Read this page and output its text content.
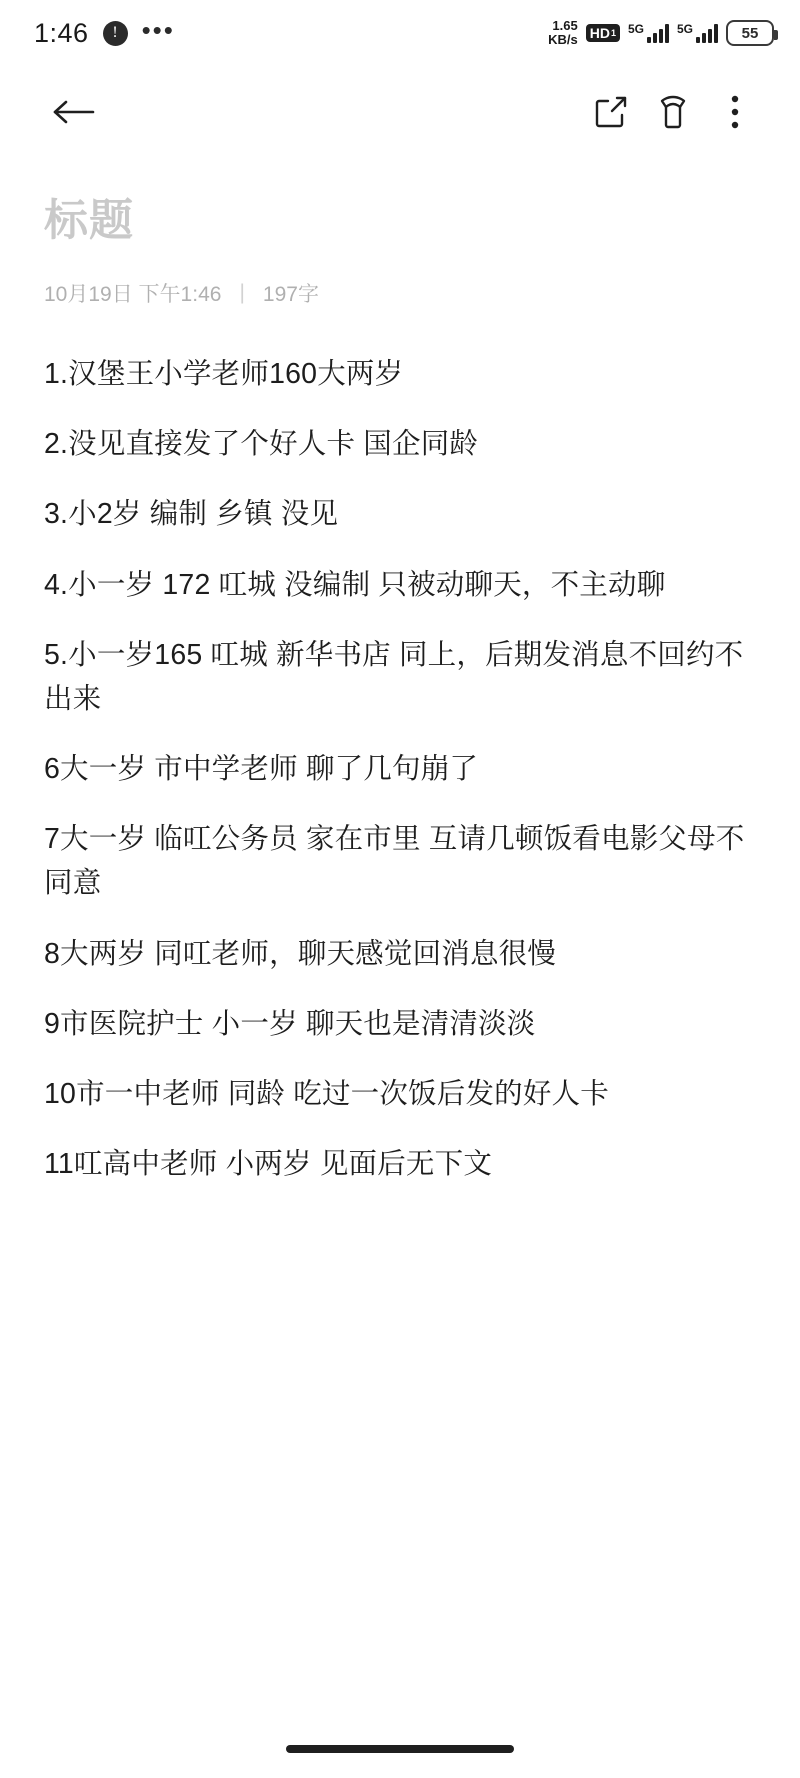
1:46 ! •••	1.65
KB/s HD 1 5G	5G	55
标题
10月19日 下午1:46 | 197字
1.汉堡王小学老师160大两岁
2.没见直接发了个好人卡 国企同龄
3.小2岁 编制 乡镇 没见
4.小一岁 172 叿城 没编制 只被动聊天，不主动聊
5.小一岁165 叿城 新华书店 同上，后期发消息不回约不出来
6大一岁 市中学老师 聊了几句崩了
7大一岁 临叿公务员 家在市里 互请几顿饭看电影父母不同意
8大两岁 同叿老师，聊天感觉回消息很慢
9市医院护士 小一岁 聊天也是清清淡淡
10市一中老师 同龄 吃过一次饭后发的好人卡
11叿高中老师 小两岁 见面后无下文
